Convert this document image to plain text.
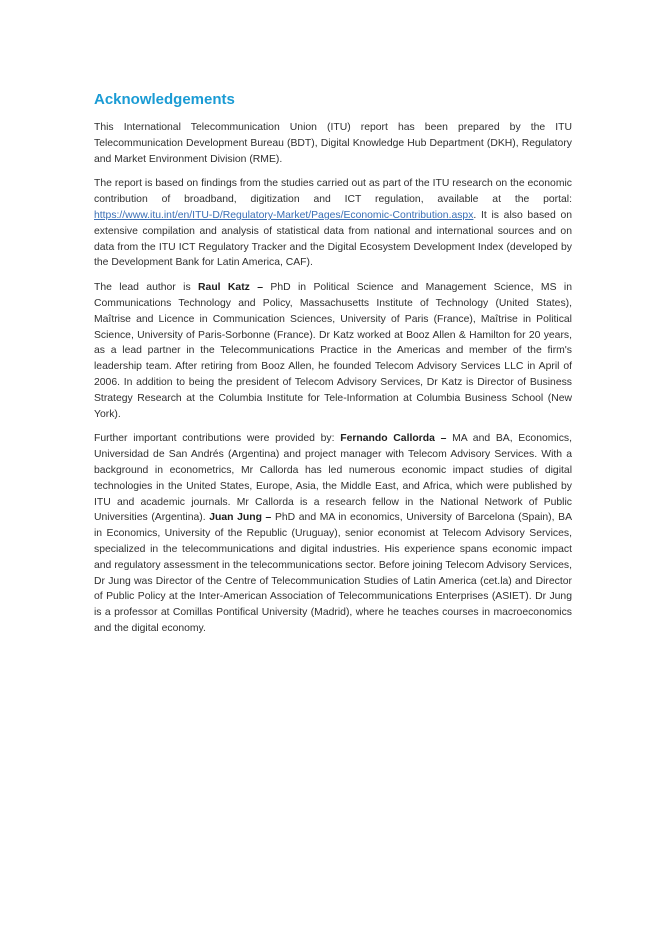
Acknowledgements

This International Telecommunication Union (ITU) report has been prepared by the ITU Telecommunication Development Bureau (BDT), Digital Knowledge Hub Department (DKH), Regulatory and Market Environment Division (RME).

The report is based on findings from the studies carried out as part of the ITU research on the economic contribution of broadband, digitization and ICT regulation, available at the portal: https://www.itu.int/en/ITU-D/Regulatory-Market/Pages/Economic-Contribution.aspx. It is also based on extensive compilation and analysis of statistical data from national and international sources and on data from the ITU ICT Regulatory Tracker and the Digital Ecosystem Development Index (developed by the Development Bank for Latin America, CAF).

The lead author is Raul Katz – PhD in Political Science and Management Science, MS in Communications Technology and Policy, Massachusetts Institute of Technology (United States), Maîtrise and Licence in Communication Sciences, University of Paris (France), Maîtrise in Political Science, University of Paris-Sorbonne (France). Dr Katz worked at Booz Allen & Hamilton for 20 years, as a lead partner in the Telecommunications Practice in the Americas and member of the firm's leadership team. After retiring from Booz Allen, he founded Telecom Advisory Services LLC in April of 2006. In addition to being the president of Telecom Advisory Services, Dr Katz is Director of Business Strategy Research at the Columbia Institute for Tele-Information at Columbia Business School (New York).

Further important contributions were provided by: Fernando Callorda – MA and BA, Economics, Universidad de San Andrés (Argentina) and project manager with Telecom Advisory Services. With a background in econometrics, Mr Callorda has led numerous economic impact studies of digital technologies in the United States, Europe, Asia, the Middle East, and Africa, which were published by ITU and academic journals. Mr Callorda is a research fellow in the National Network of Public Universities (Argentina). Juan Jung – PhD and MA in economics, University of Barcelona (Spain), BA in Economics, University of the Republic (Uruguay), senior economist at Telecom Advisory Services, specialized in the telecommunications and digital industries. His experience spans economic impact and regulatory assessment in the telecommunications sector. Before joining Telecom Advisory Services, Dr Jung was Director of the Centre of Telecommunication Studies of Latin America (cet.la) and Director of Public Policy at the Inter-American Association of Telecommunications Enterprises (ASIET). Dr Jung is a professor at Comillas Pontifical University (Madrid), where he teaches courses in macroeconomics and the digital economy.
